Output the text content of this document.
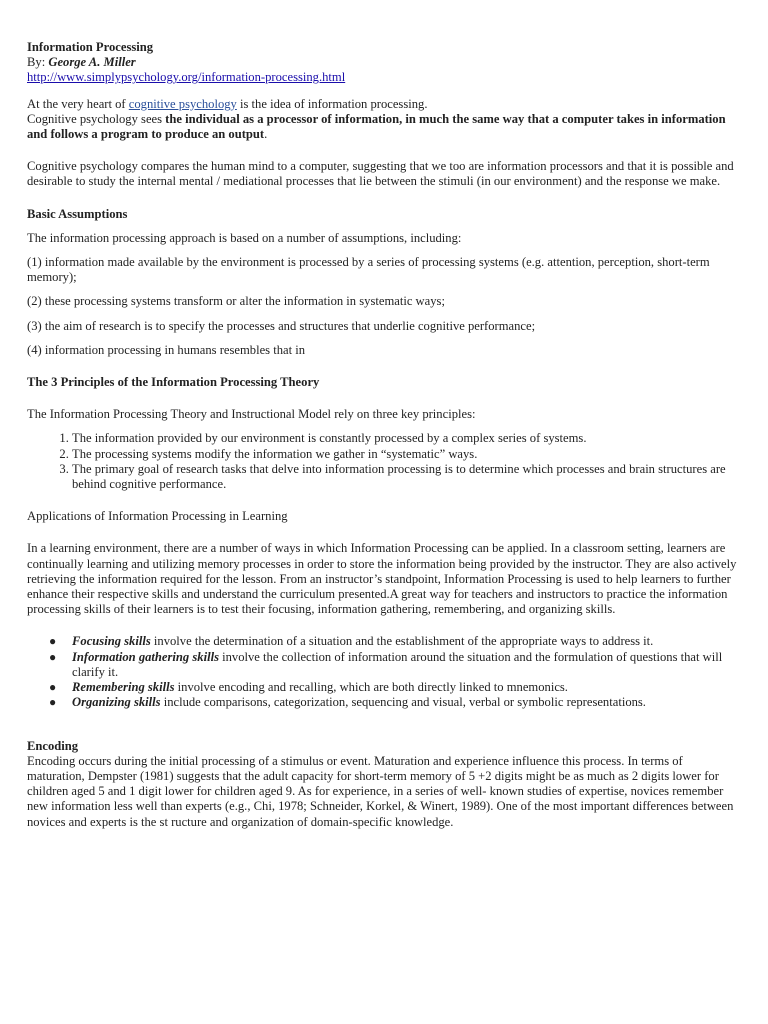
Information Processing

By: George A. Miller

http://www.simplypsychology.org/information-processing.html

At the very heart of cognitive psychology is the idea of information processing.

Cognitive psychology sees the individual as a processor of information, in much the same way that a computer takes in information and follows a program to produce an output.

Cognitive psychology compares the human mind to a computer, suggesting that we too are information processors and that it is possible and desirable to study the internal mental / mediational processes that lie between the stimuli (in our environment) and the response we make.

Basic Assumptions

The information processing approach is based on a number of assumptions, including:

(1) information made available by the environment is processed by a series of processing systems (e.g. attention, perception, short-term memory);

(2) these processing systems transform or alter the information in systematic ways;

(3) the aim of research is to specify the processes and structures that underlie cognitive performance;

(4) information processing in humans resembles that in

The 3 Principles of the Information Processing Theory

The Information Processing Theory and Instructional Model rely on three key principles:

1. The information provided by our environment is constantly processed by a complex series of systems.
2. The processing systems modify the information we gather in “systematic” ways.
3. The primary goal of research tasks that delve into information processing is to determine which processes and brain structures are behind cognitive performance.

Applications of Information Processing in Learning

In a learning environment, there are a number of ways in which Information Processing can be applied. In a classroom setting, learners are continually learning and utilizing memory processes in order to store the information being provided by the instructor. They are also actively retrieving the information required for the lesson. From an instructor’s standpoint, Information Processing is used to help learners to further enhance their respective skills and understand the curriculum presented.A great way for teachers and instructors to practice the information processing skills of their learners is to test their focusing, information gathering, remembering, and organizing skills.

● Focusing skills involve the determination of a situation and the establishment of the appropriate ways to address it.
● Information gathering skills involve the collection of information around the situation and the formulation of questions that will clarify it.
● Remembering skills involve encoding and recalling, which are both directly linked to mnemonics.
● Organizing skills include comparisons, categorization, sequencing and visual, verbal or symbolic representations.

Encoding

Encoding occurs during the initial processing of a stimulus or event. Maturation and experience influence this process. In terms of

maturation, Dempster (1981) suggests that the adult capacity for short-term memory of 5 +2 digits might be as much as 2 digits lower for

children aged 5 and 1 digit lower for children aged 9. As for experience, in a series of well- known studies of expertise, novices remember new information less well than experts (e.g., Chi, 1978; Schneider, Korkel, & Winert, 1989). One of the most important differences between novices and experts is the st ructure and organization of domain-specific knowledge.
